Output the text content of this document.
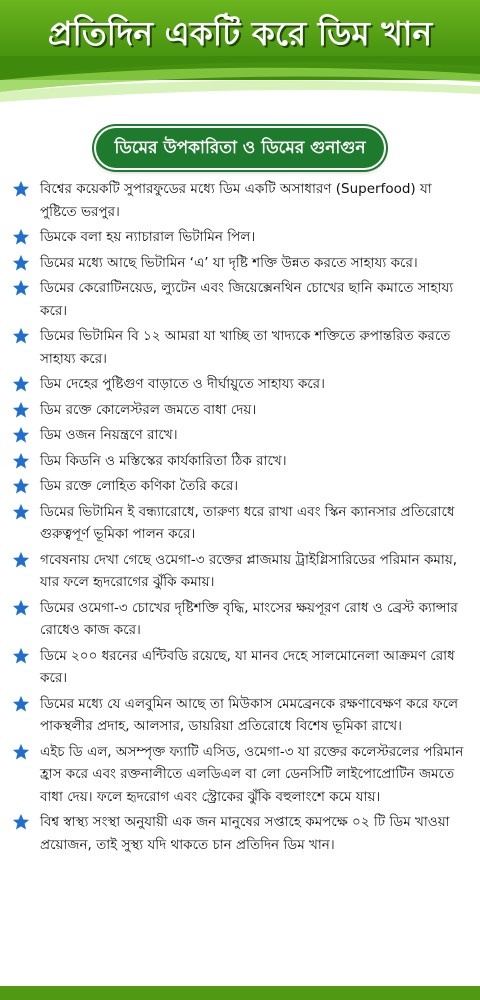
প্রতিদিন একটি করে ডিম খান
ডিমের উপকারিতা ও ডিমের গুনাগুন
বিশ্বের কয়েকটি সুপারফুডের মধ্যে ডিম একটি অসাধারণ (Superfood) যা পুষ্টিতে ভরপুর।
ডিমকে বলা হয় ন্যাচারাল ভিটামিন পিল।
ডিমের মধ্যে আছে ভিটামিন ‘এ’ যা দৃষ্টি শক্তি উন্নত করতে সাহায্য করে।
ডিমের কেরোটিনয়েড, ল্যুটেন এবং জিয়েক্সেনথিন চোখের ছানি কমাতে সাহায্য করে।
ডিমের ভিটামিন বি ১২ আমরা যা খাচ্ছি তা খাদ্যকে শক্তিতে রুপান্তরিত করতে সাহায্য করে।
ডিম দেহের পুষ্টিগুণ বাড়াতে ও দীর্ঘায়ুতে সাহায্য করে।
ডিম রক্তে কোলেস্টরল জমতে বাধা দেয়।
ডিম ওজন নিয়ন্ত্রণে রাখে।
ডিম কিডনি ও মস্তিস্কের কার্যকারিতা ঠিক রাখে।
ডিম রক্তে লোহিত কণিকা তৈরি করে।
ডিমের ভিটামিন ই বন্ধ্যারোধে, তারুণ্য ধরে রাখা এবং স্কিন ক্যানসার প্রতিরোধে গুরুত্বপূর্ণ ভূমিকা পালন করে।
গবেষনায় দেখা গেছে ওমেগা-৩ রক্তের প্লাজমায় ট্রাইগ্লিসারিডের পরিমান কমায়, যার ফলে হৃদরোগের ঝুঁকি কমায়।
ডিমের ওমেগা-৩ চোখের দৃষ্টিশক্তি বৃদ্ধি, মাংসের ক্ষয়পূরণ রোধ ও ব্রেস্ট ক্যান্সার রোধেও কাজ করে।
ডিমে ২০০ ধরনের এন্টিবডি রয়েছে, যা মানব দেহে সালমোনেলা আক্রমণ রোধ করে।
ডিমের মধ্যে যে এলবুমিন আছে তা মিউকাস মেমব্রেনকে রক্ষণাবেক্ষণ করে ফলে পাকস্থলীর প্রদাহ, আলসার, ডায়রিয়া প্রতিরোধে বিশেষ ভূমিকা রাখে।
এইচ ডি এল, অসম্পৃক্ত ফ্যাটি এসিড, ওমেগা-৩ যা রক্তের কলেস্টরলের পরিমান হ্রাস করে এবং রক্তনালীতে এলডিএল বা লো ডেনসিটি লাইপোপ্রোটিন জমতে বাধা দেয়। ফলে হৃদরোগ এবং স্ট্রোকের ঝুঁকি বহুলাংশে কমে যায়।
বিশ্ব স্বাস্থ্য সংস্থা অনুযায়ী এক জন মানুষের সপ্তাহে কমপক্ষে ০২ টি ডিম খাওয়া প্রয়োজন, তাই সুস্থ্য যদি থাকতে চান প্রতিদিন ডিম খান।
